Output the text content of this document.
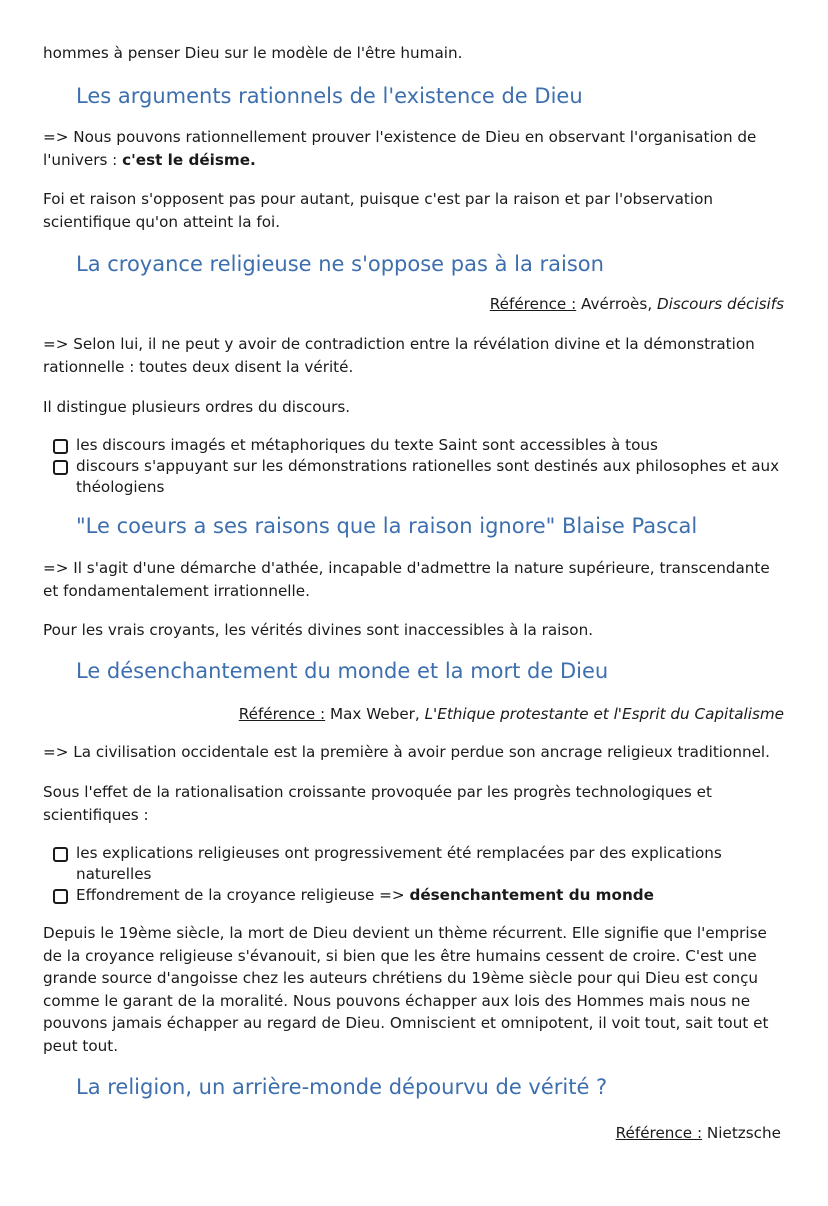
hommes à penser Dieu sur le modèle de l'être humain.

Les arguments rationnels de l'existence de Dieu

=> Nous pouvons rationnellement prouver l'existence de Dieu en observant l'organisation de l'univers : c'est le déisme.

Foi et raison s'opposent pas pour autant, puisque c'est par la raison et par l'observation scientifique qu'on atteint la foi.

La croyance religieuse ne s'oppose pas à la raison
Référence : Avérroès, Discours décisifs

=> Selon lui, il ne peut y avoir de contradiction entre la révélation divine et la démonstration rationnelle : toutes deux disent la vérité.

Il distingue plusieurs ordres du discours.

les discours imagés et métaphoriques du texte Saint sont accessibles à tous
discours s'appuyant sur les démonstrations rationelles sont destinés aux philosophes et aux théologiens
"Le coeurs a ses raisons que la raison ignore" Blaise Pascal

=> Il s'agit d'une démarche d'athée, incapable d'admettre la nature supérieure, transcendante et fondamentalement irrationnelle.

Pour les vrais croyants, les vérités divines sont inaccessibles à la raison.

Le désenchantement du monde et la mort de Dieu
Référence : Max Weber, L'Ethique protestante et l'Esprit du Capitalisme

=> La civilisation occidentale est la première à avoir perdue son ancrage religieux traditionnel.

Sous l'effet de la rationalisation croissante provoquée par les progrès technologiques et scientifiques :

les explications religieuses ont progressivement été remplacées par des explications naturelles
Effondrement de la croyance religieuse => désenchantement du monde

Depuis le 19ème siècle, la mort de Dieu devient un thème récurrent. Elle signifie que l'emprise de la croyance religieuse s'évanouit, si bien que les être humains cessent de croire. C'est une grande source d'angoisse chez les auteurs chrétiens du 19ème siècle pour qui Dieu est conçu comme le garant de la moralité. Nous pouvons échapper aux lois des Hommes mais nous ne pouvons jamais échapper au regard de Dieu. Omniscient et omnipotent, il voit tout, sait tout et peut tout.

La religion, un arrière-monde dépourvu de vérité ?
Référence : Nietzsche
